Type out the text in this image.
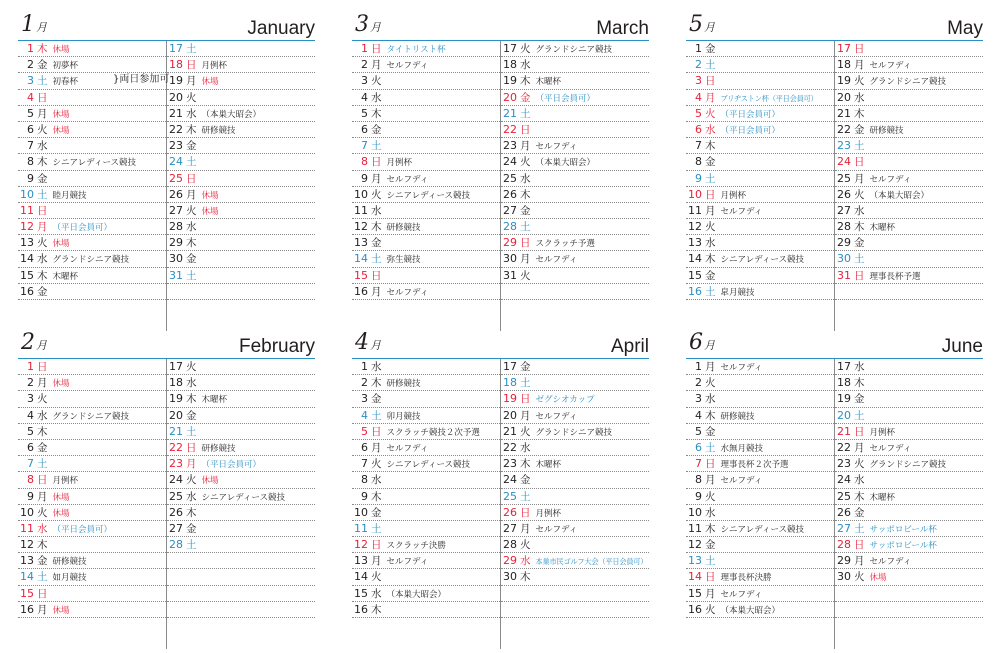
1月	January
1 木 休場
2 金 初夢杯
3 土 初春杯
4 日
5 月 休場
6 火 休場
7 水
8 木 シニアレディース競技
9 金
10 土 睦月競技
11 日
12 月 （平日会員可）
13 火 休場
14 水 グランドシニア競技
15 木 木曜杯
16 金
17 土
18 日 月例杯
19 月 休場
20 火
21 水 （本巣大昭会）
22 木 研修競技
23 金
24 土
25 日
26 月 休場
27 火 休場
28 水
29 木
30 金
31 土
}両日参加可
3月	March
1 日 タイトリスト杯
2 月 セルフディ
3 火
4 水
5 木
6 金
7 土
8 日 月例杯
9 月 セルフディ
10 火 シニアレディース競技
11 水
12 木 研修競技
13 金
14 土 弥生競技
15 日
16 月 セルフディ
17 火 グランドシニア競技
18 水
19 木 木曜杯
20 金 （平日会員可）
21 土
22 日
23 月 セルフディ
24 火 （本巣大昭会）
25 水
26 木
27 金
28 土
29 日 スクラッチ予選
30 月 セルフディ
31 火
5月	May
1 金
2 土
3 日
4 月 ブリヂストン杯（平日会員可）
5 火 （平日会員可）
6 水 （平日会員可）
7 木
8 金
9 土
10 日 月例杯
11 月 セルフディ
12 火
13 水
14 木 シニアレディース競技
15 金
16 土 皐月競技
17 日
18 月 セルフディ
19 火 グランドシニア競技
20 水
21 木
22 金 研修競技
23 土
24 日
25 月 セルフディ
26 火 （本巣大昭会）
27 水
28 木 木曜杯
29 金
30 土
31 日 理事長杯予選
2月	February
1 日
2 月 休場
3 火
4 水 グランドシニア競技
5 木
6 金
7 土
8 日 月例杯
9 月 休場
10 火 休場
11 水 （平日会員可）
12 木
13 金 研修競技
14 土 如月競技
15 日
16 月 休場
17 火
18 水
19 木 木曜杯
20 金
21 土
22 日 研修競技
23 月 （平日会員可）
24 火 休場
25 水 シニアレディース競技
26 木
27 金
28 土
4月	April
1 水
2 木 研修競技
3 金
4 土 卯月競技
5 日 スクラッチ競技２次予選
6 月 セルフディ
7 火 シニアレディース競技
8 水
9 木
10 金
11 土
12 日 スクラッチ決勝
13 月 セルフディ
14 火
15 水 （本巣大昭会）
16 木
17 金
18 土
19 日 ゼグシオカップ
20 月 セルフディ
21 火 グランドシニア競技
22 水
23 木 木曜杯
24 金
25 土
26 日 月例杯
27 月 セルフディ
28 火
29 水 本巣市民ゴルフ大会（平日会員可）
30 木
6月	June
1 月 セルフディ
2 火
3 水
4 木 研修競技
5 金
6 土 水無月競技
7 日 理事長杯２次予選
8 月 セルフディ
9 火
10 水
11 木 シニアレディース競技
12 金
13 土
14 日 理事長杯決勝
15 月 セルフディ
16 火 （本巣大昭会）
17 水
18 木
19 金
20 土
21 日 月例杯
22 月 セルフディ
23 火 グランドシニア競技
24 水
25 木 木曜杯
26 金
27 土 サッポロビール杯
28 日 サッポロビール杯
29 月 セルフディ
30 火 休場
